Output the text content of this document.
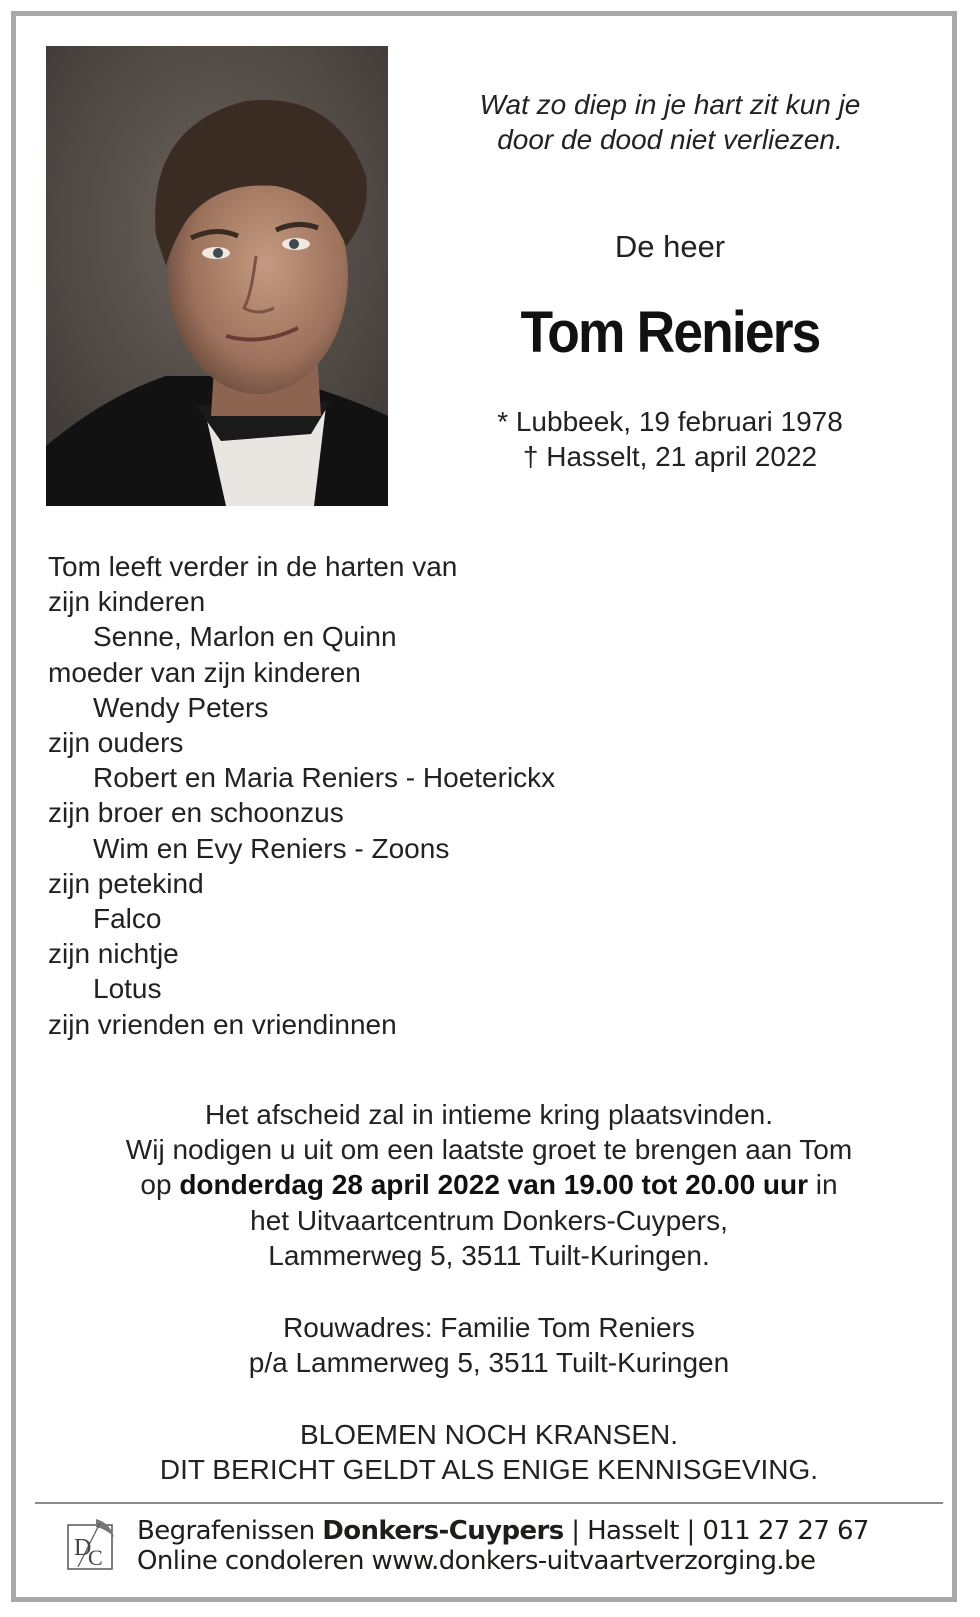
Wat zo diep in je hart zit kun je
door de dood niet verliezen.
De heer
Tom Reniers
* Lubbeek, 19 februari 1978
† Hasselt, 21 april 2022
Tom leeft verder in de harten van
zijn kinderen
Senne, Marlon en Quinn
moeder van zijn kinderen
Wendy Peters
zijn ouders
Robert en Maria Reniers - Hoeterickx
zijn broer en schoonzus
Wim en Evy Reniers - Zoons
zijn petekind
Falco
zijn nichtje
Lotus
zijn vrienden en vriendinnen
Het afscheid zal in intieme kring plaatsvinden.
Wij nodigen u uit om een laatste groet te brengen aan Tom
op donderdag 28 april 2022 van 19.00 tot 20.00 uur in
het Uitvaartcentrum Donkers-Cuypers,
Lammerweg 5, 3511 Tuilt-Kuringen.
Rouwadres: Familie Tom Reniers
p/a Lammerweg 5, 3511 Tuilt-Kuringen
BLOEMEN NOCH KRANSEN.
DIT BERICHT GELDT ALS ENIGE KENNISGEVING.
D
C
Begrafenissen Donkers-Cuypers | Hasselt | 011 27 27 67
Online condoleren www.donkers-uitvaartverzorging.be
